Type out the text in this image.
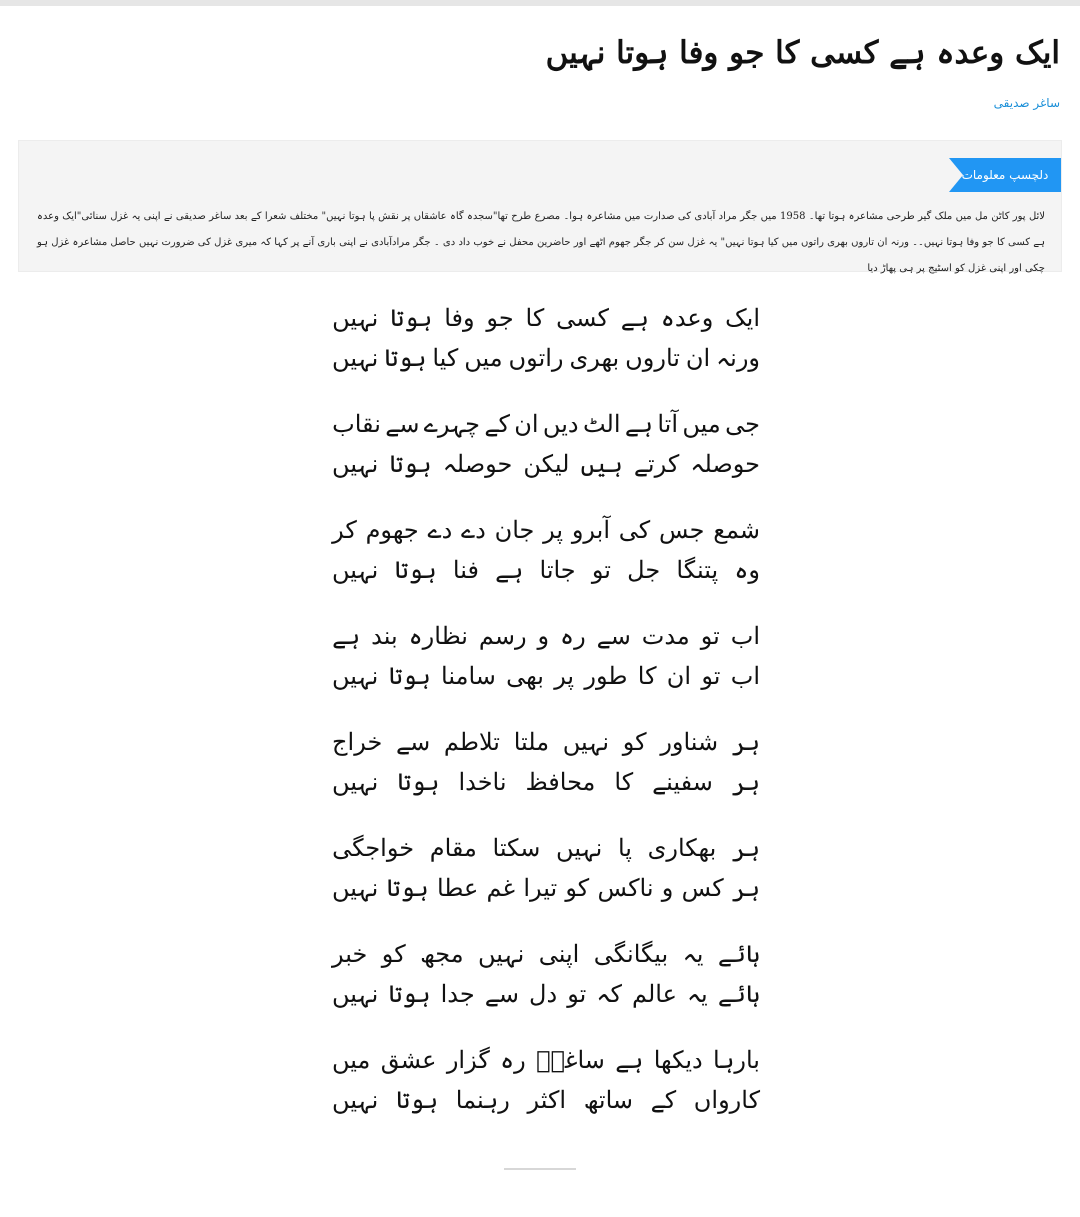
ایک وعدہ ہے کسی کا جو وفا ہوتا نہیں
ساغر صدیقی
دلچسپ معلومات
لائل پور کاٹن مل میں ملک گیر طرحی مشاعرہ ہوتا تھا۔ 1958 میں جگر مراد آبادی کی صدارت میں مشاعرہ ہوا۔ مصرع طرح تھا"سجدہ گاہ عاشقاں پر نقش پا ہوتا نہیں" مختلف شعرا کے بعد ساغر صدیقی نے اپنی یہ غزل سنائی"ایک وعدہ ہے کسی کا جو وفا ہوتا نہیں۔۔ ورنہ ان تاروں بھری راتوں میں کیا ہوتا نہیں" یہ غزل سن کر جگر جھوم اٹھے اور حاضرین محفل نے خوب داد دی ۔ جگر مرادآبادی نے اپنی باری آنے پر کہا کہ میری غزل کی ضرورت نہیں حاصل مشاعرہ غزل ہو چکی اور اپنی غزل کو اسٹیج پر ہی پھاڑ دیا
ایک
وعدہ
ہے
کسی
کا
جو
وفا
ہوتا
نہیں
ورنہ
ان
تاروں
بھری
راتوں
میں
کیا
ہوتا
نہیں
جی
میں
آتا
ہے
الٹ
دیں
ان
کے
چہرے
سے
نقاب
حوصلہ
کرتے
ہیں
لیکن
حوصلہ
ہوتا
نہیں
شمع
جس
کی
آبرو
پر
جان
دے
دے
جھوم
کر
وہ
پتنگا
جل
تو
جاتا
ہے
فنا
ہوتا
نہیں
اب
تو
مدت
سے
رہ
و
رسم
نظارہ
بند
ہے
اب
تو
ان
کا
طور
پر
بھی
سامنا
ہوتا
نہیں
ہر
شناور
کو
نہیں
ملتا
تلاطم
سے
خراج
ہر
سفینے
کا
محافظ
ناخدا
ہوتا
نہیں
ہر
بھکاری
پا
نہیں
سکتا
مقام
خواجگی
ہر
کس
و
ناکس
کو
تیرا
غم
عطا
ہوتا
نہیں
ہائے
یہ
بیگانگی
اپنی
نہیں
مجھ
کو
خبر
ہائے
یہ
عالم
کہ
تو
دل
سے
جدا
ہوتا
نہیں
بارہا
دیکھا
ہے
ساغرؔ
رہ
گزار
عشق
میں
کارواں
کے
ساتھ
اکثر
رہنما
ہوتا
نہیں
